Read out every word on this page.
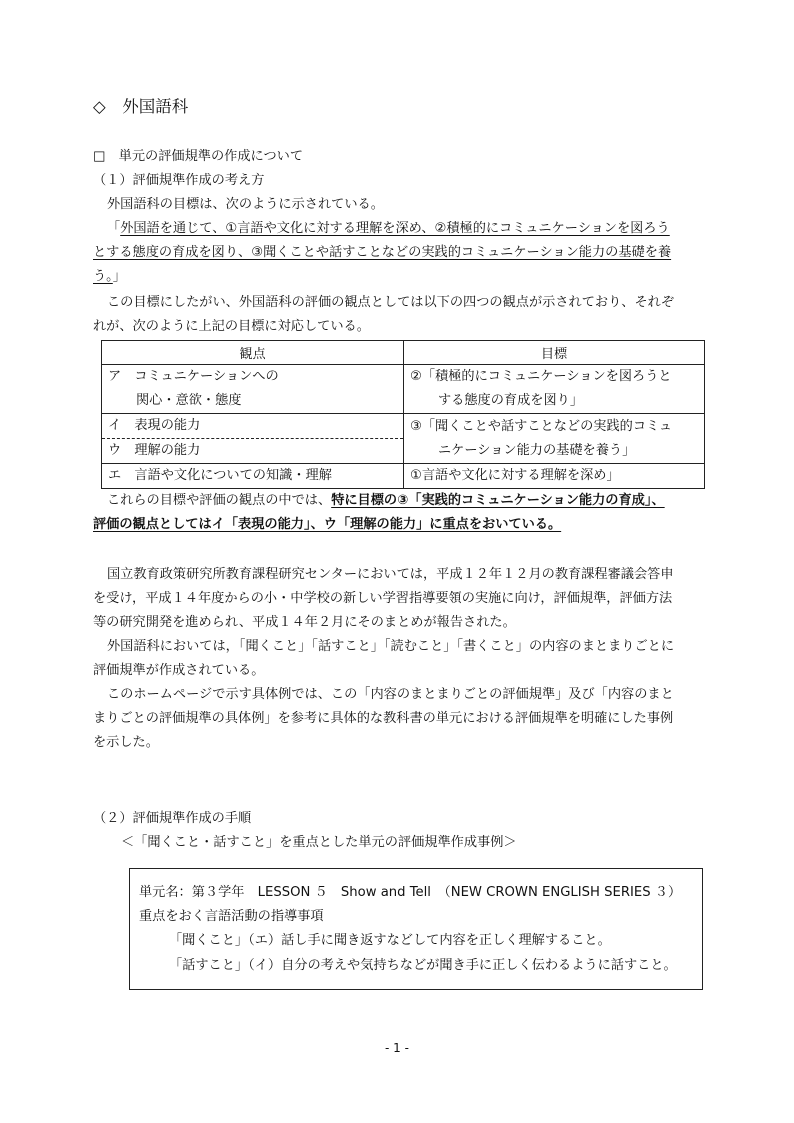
◇　外国語科
□　単元の評価規準の作成について
（１）評価規準作成の考え方
外国語科の目標は、次のように示されている。
「外国語を通じて、①言語や文化に対する理解を深め、②積極的にコミュニケーションを図ろう
とする態度の育成を図り、③聞くことや話すことなどの実践的コミュニケーション能力の基礎を養
う。」
この目標にしたがい、外国語科の評価の観点としては以下の四つの観点が示されており、それぞ
れが、次のように上記の目標に対応している。
観点	目標

ア　コミュニケーションへの
関心・意欲・態度	②「積極的にコミュニケーションを図ろうと
する態度の育成を図り」

イ　表現の能力
ウ　理解の能力	③「聞くことや話すことなどの実践的コミュ
ニケーション能力の基礎を養う」

エ　言語や文化についての知識・理解	①言語や文化に対する理解を深め」
これらの目標や評価の観点の中では、特に目標の③「実践的コミュニケーション能力の育成」、
評価の観点としてはイ「表現の能力」、ウ「理解の能力」に重点をおいている。
国立教育政策研究所教育課程研究センターにおいては，平成１２年１２月の教育課程審議会答申
を受け，平成１４年度からの小・中学校の新しい学習指導要領の実施に向け，評価規準，評価方法
等の研究開発を進められ、平成１４年２月にそのまとめが報告された。
外国語科においては，「聞くこと」「話すこと」「読むこと」「書くこと」の内容のまとまりごとに
評価規準が作成されている。
このホームページで示す具体例では、この「内容のまとまりごとの評価規準」及び「内容のまと
まりごとの評価規準の具体例」を参考に具体的な教科書の単元における評価規準を明確にした事例
を示した。
（２）評価規準作成の手順
＜「聞くこと・話すこと」を重点とした単元の評価規準作成事例＞
単元名：第３学年　LESSON ５　Show and Tell　（NEW CROWN ENGLISH SERIES ３）
重点をおく言語活動の指導事項
「聞くこと」（エ）話し手に聞き返すなどして内容を正しく理解すること。
「話すこと」（イ）自分の考えや気持ちなどが聞き手に正しく伝わるように話すこと。
- 1 -
